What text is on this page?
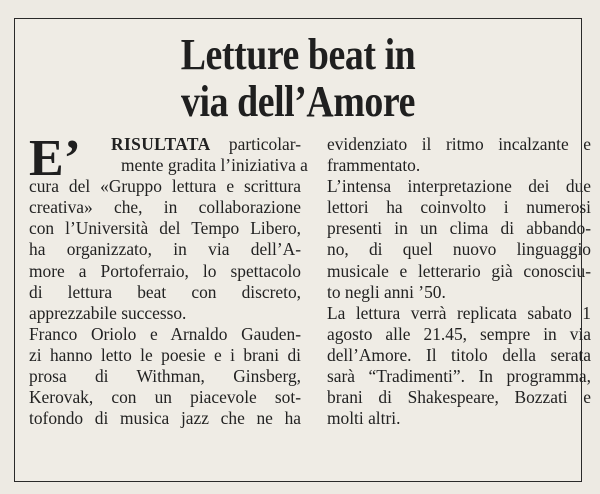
Letture beat in
via dell’Amore
E’	RISULTATA particolar-
mente gradita l’iniziativa a
cura del «Gruppo lettura e scrittura
creativa» che, in collaborazione
con l’Università del Tempo Libero,
ha organizzato, in via dell’A-
more a Portoferraio, lo spettacolo
di lettura beat con discreto,
apprezzabile successo.
Franco Oriolo e Arnaldo Gauden-
zi hanno letto le poesie e i brani di
prosa di Withman, Ginsberg,
Kerovak, con un piacevole sot-
tofondo di musica jazz che ne ha
evidenziato il ritmo incalzante e
frammentato.
L’intensa interpretazione dei due
lettori ha coinvolto i numerosi
presenti in un clima di abbando-
no, di quel nuovo linguaggio
musicale e letterario già conosciu-
to negli anni ’50.
La lettura verrà replicata sabato 1
agosto alle 21.45, sempre in via
dell’Amore. Il titolo della serata
sarà “Tradimenti”. In programma,
brani di Shakespeare, Bozzati e
molti altri.
